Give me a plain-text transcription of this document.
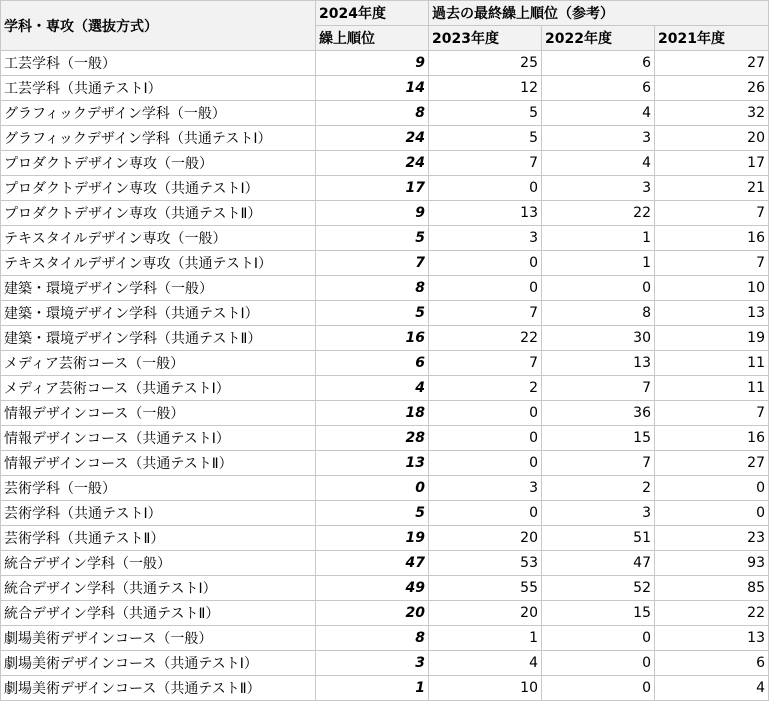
学科・専攻（選抜方式）	2024年度	過去の最終繰上順位（参考）		
	繰上順位	2023年度	2022年度	2021年度
工芸学科（一般）	9	25	6	27
工芸学科（共通テストⅠ）	14	12	6	26
グラフィックデザイン学科（一般）	8	5	4	32
グラフィックデザイン学科（共通テストⅠ）	24	5	3	20
プロダクトデザイン専攻（一般）	24	7	4	17
プロダクトデザイン専攻（共通テストⅠ）	17	0	3	21
プロダクトデザイン専攻（共通テストⅡ）	9	13	22	7
テキスタイルデザイン専攻（一般）	5	3	1	16
テキスタイルデザイン専攻（共通テストⅠ）	7	0	1	7
建築・環境デザイン学科（一般）	8	0	0	10
建築・環境デザイン学科（共通テストⅠ）	5	7	8	13
建築・環境デザイン学科（共通テストⅡ）	16	22	30	19
メディア芸術コース（一般）	6	7	13	11
メディア芸術コース（共通テストⅠ）	4	2	7	11
情報デザインコース（一般）	18	0	36	7
情報デザインコース（共通テストⅠ）	28	0	15	16
情報デザインコース（共通テストⅡ）	13	0	7	27
芸術学科（一般）	0	3	2	0
芸術学科（共通テストⅠ）	5	0	3	0
芸術学科（共通テストⅡ）	19	20	51	23
統合デザイン学科（一般）	47	53	47	93
統合デザイン学科（共通テストⅠ）	49	55	52	85
統合デザイン学科（共通テストⅡ）	20	20	15	22
劇場美術デザインコース（一般）	8	1	0	13
劇場美術デザインコース（共通テストⅠ）	3	4	0	6
劇場美術デザインコース（共通テストⅡ）	1	10	0	4
